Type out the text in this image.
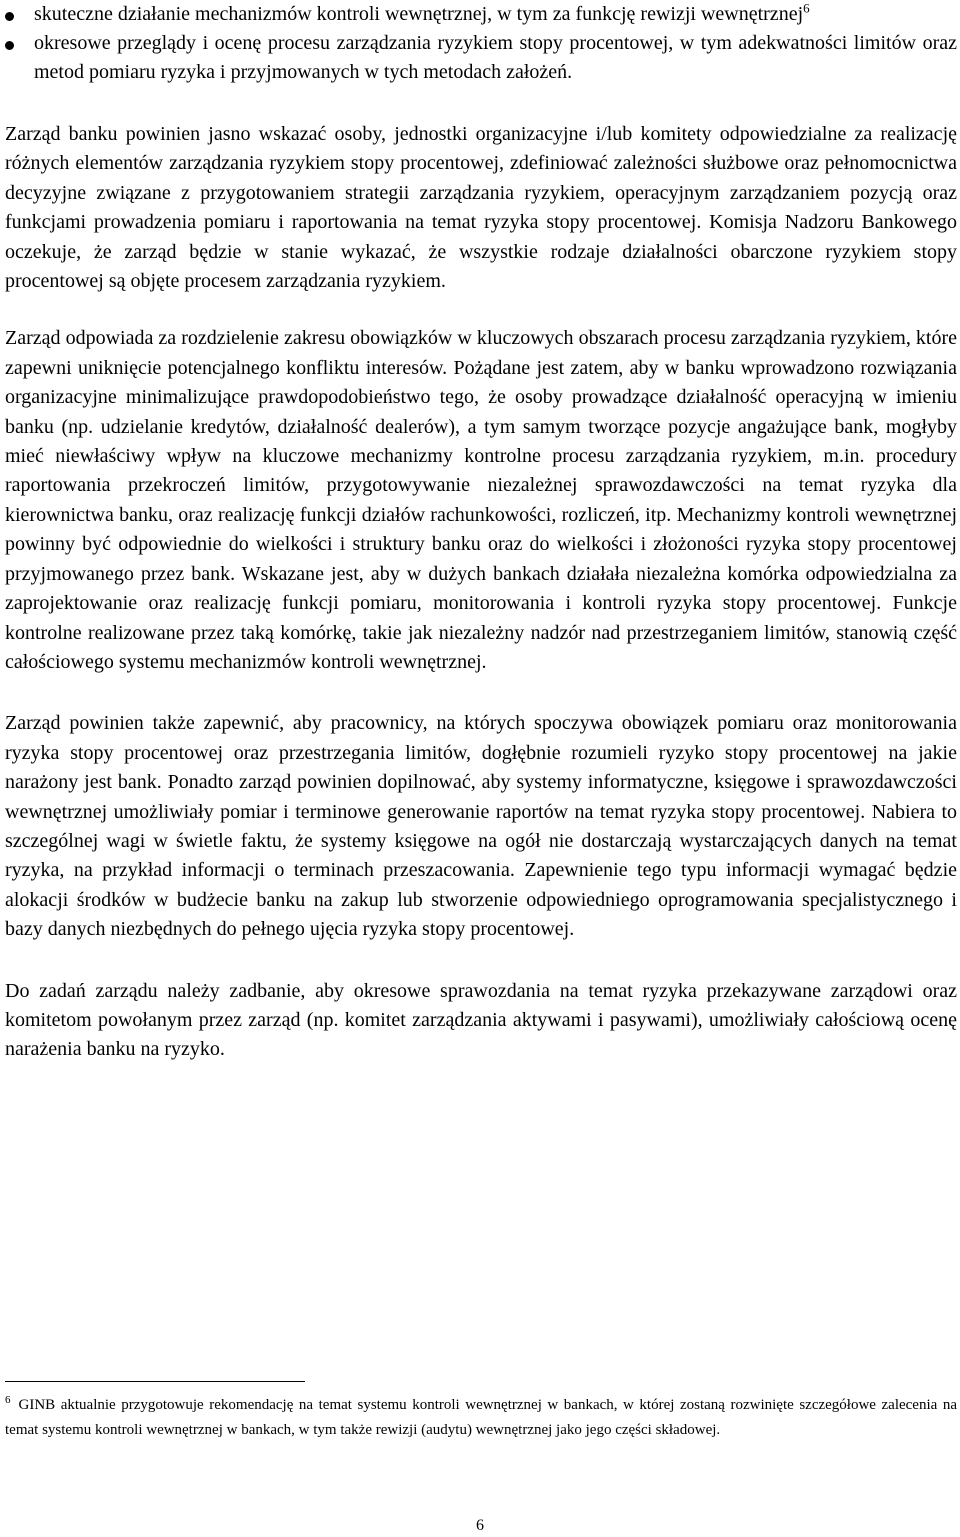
skuteczne działanie mechanizmów kontroli wewnętrznej, w tym za funkcję rewizji wewnętrznej$^6$
okresowe przeglądy i ocenę procesu zarządzania ryzykiem stopy procentowej, w tym adekwatności limitów oraz metod pomiaru ryzyka i przyjmowanych w tych metodach założeń.

Zarząd banku powinien jasno wskazać osoby, jednostki organizacyjne i/lub komitety odpowiedzialne za realizację różnych elementów zarządzania ryzykiem stopy procentowej, zdefiniować zależności służbowe oraz pełnomocnictwa decyzyjne związane z przygotowaniem strategii zarządzania ryzykiem, operacyjnym zarządzaniem pozycją oraz funkcjami prowadzenia pomiaru i raportowania na temat ryzyka stopy procentowej. Komisja Nadzoru Bankowego oczekuje, że zarząd będzie w stanie wykazać, że wszystkie rodzaje działalności obarczone ryzykiem stopy procentowej są objęte procesem zarządzania ryzykiem.

Zarząd odpowiada za rozdzielenie zakresu obowiązków w kluczowych obszarach procesu zarządzania ryzykiem, które zapewni uniknięcie potencjalnego konfliktu interesów. Pożądane jest zatem, aby w banku wprowadzono rozwiązania organizacyjne minimalizujące prawdopodobieństwo tego, że osoby prowadzące działalność operacyjną w imieniu banku (np. udzielanie kredytów, działalność dealerów), a tym samym tworzące pozycje angażujące bank, mogłyby mieć niewłaściwy wpływ na kluczowe mechanizmy kontrolne procesu zarządzania ryzykiem, m.in. procedury raportowania przekroczeń limitów, przygotowywanie niezależnej sprawozdawczości na temat ryzyka dla kierownictwa banku, oraz realizację funkcji działów rachunkowości, rozliczeń, itp. Mechanizmy kontroli wewnętrznej powinny być odpowiednie do wielkości i struktury banku oraz do wielkości i złożoności ryzyka stopy procentowej przyjmowanego przez bank. Wskazane jest, aby w dużych bankach działała niezależna komórka odpowiedzialna za zaprojektowanie oraz realizację funkcji pomiaru, monitorowania i kontroli ryzyka stopy procentowej. Funkcje kontrolne realizowane przez taką komórkę, takie jak niezależny nadzór nad przestrzeganiem limitów, stanowią część całościowego systemu mechanizmów kontroli wewnętrznej.

Zarząd powinien także zapewnić, aby pracownicy, na których spoczywa obowiązek pomiaru oraz monitorowania ryzyka stopy procentowej oraz przestrzegania limitów, dogłębnie rozumieli ryzyko stopy procentowej na jakie narażony jest bank. Ponadto zarząd powinien dopilnować, aby systemy informatyczne, księgowe i sprawozdawczości wewnętrznej umożliwiały pomiar i terminowe generowanie raportów na temat ryzyka stopy procentowej. Nabiera to szczególnej wagi w świetle faktu, że systemy księgowe na ogół nie dostarczają wystarczających danych na temat ryzyka, na przykład informacji o terminach przeszacowania. Zapewnienie tego typu informacji wymagać będzie alokacji środków w budżecie banku na zakup lub stworzenie odpowiedniego oprogramowania specjalistycznego i bazy danych niezbędnych do pełnego ujęcia ryzyka stopy procentowej.

Do zadań zarządu należy zadbanie, aby okresowe sprawozdania na temat ryzyka przekazywane zarządowi oraz komitetom powołanym przez zarząd (np. komitet zarządzania aktywami i pasywami), umożliwiały całościową ocenę narażenia banku na ryzyko.

$^6$ GINB aktualnie przygotowuje rekomendację na temat systemu kontroli wewnętrznej w bankach, w której zostaną rozwinięte szczegółowe zalecenia na temat systemu kontroli wewnętrznej w bankach, w tym także rewizji (audytu) wewnętrznej jako jego części składowej.

6
